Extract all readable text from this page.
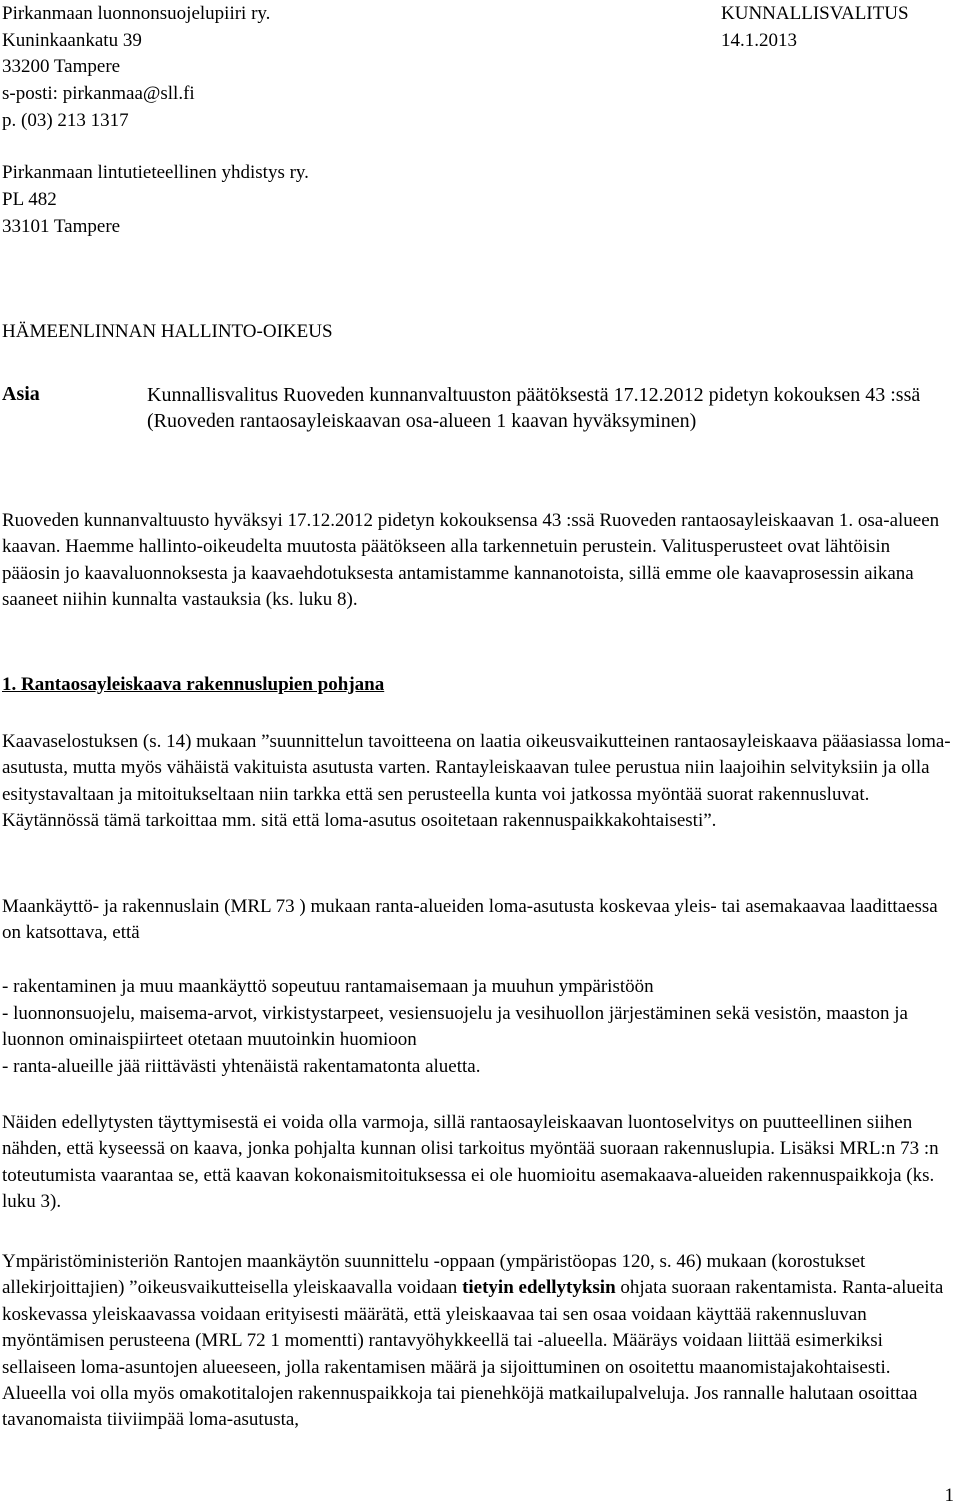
Pirkanmaan luonnonsuojelupiiri ry.
Kuninkaankatu 39
33200 Tampere
s-posti: pirkanmaa@sll.fi
p. (03) 213 1317
KUNNALLISVALITUS
14.1.2013
Pirkanmaan lintutieteellinen yhdistys ry.
PL 482
33101 Tampere
HÄMEENLINNAN HALLINTO-OIKEUS
Asia	Kunnallisvalitus Ruoveden kunnanvaltuuston päätöksestä 17.12.2012 pidetyn kokouksen 43 :ssä (Ruoveden rantaosayleiskaavan osa-alueen 1 kaavan hyväksyminen)

Ruoveden kunnanvaltuusto hyväksyi 17.12.2012 pidetyn kokouksensa 43 :ssä Ruoveden rantaosayleiskaavan 1. osa-alueen kaavan. Haemme hallinto-oikeudelta muutosta päätökseen alla tarkennetuin perustein. Valitusperusteet ovat lähtöisin pääosin jo kaavaluonnoksesta ja kaavaehdotuksesta antamistamme kannanotoista, sillä emme ole kaavaprosessin aikana saaneet niihin kunnalta vastauksia (ks. luku 8).

1. Rantaosayleiskaava rakennuslupien pohjana

Kaavaselostuksen (s. 14) mukaan ”suunnittelun tavoitteena on laatia oikeusvaikutteinen rantaosayleiskaava pääasiassa loma-asutusta, mutta myös vähäistä vakituista asutusta varten. Rantayleiskaavan tulee perustua niin laajoihin selvityksiin ja olla esitystavaltaan ja mitoitukseltaan niin tarkka että sen perusteella kunta voi jatkossa myöntää suorat rakennusluvat. Käytännössä tämä tarkoittaa mm. sitä että loma-asutus osoitetaan rakennuspaikkakohtaisesti”.

Maankäyttö- ja rakennuslain (MRL 73 ) mukaan ranta-alueiden loma-asutusta koskevaa yleis- tai asemakaavaa laadittaessa on katsottava, että

- rakentaminen ja muu maankäyttö sopeutuu rantamaisemaan ja muuhun ympäristöön

- luonnonsuojelu, maisema-arvot, virkistystarpeet, vesiensuojelu ja vesihuollon järjestäminen sekä vesistön, maaston ja luonnon ominaispiirteet otetaan muutoinkin huomioon

- ranta-alueille jää riittävästi yhtenäistä rakentamatonta aluetta.

Näiden edellytysten täyttymisestä ei voida olla varmoja, sillä rantaosayleiskaavan luontoselvitys on puutteellinen siihen nähden, että kyseessä on kaava, jonka pohjalta kunnan olisi tarkoitus myöntää suoraan rakennuslupia. Lisäksi MRL:n 73 :n toteutumista vaarantaa se, että kaavan kokonaismitoituksessa ei ole huomioitu asemakaava-alueiden rakennuspaikkoja (ks. luku 3).

Ympäristöministeriön Rantojen maankäytön suunnittelu -oppaan (ympäristöopas 120, s. 46) mukaan (korostukset allekirjoittajien) ”oikeusvaikutteisella yleiskaavalla voidaan tietyin edellytyksin ohjata suoraan rakentamista. Ranta-alueita koskevassa yleiskaavassa voidaan erityisesti määrätä, että yleiskaavaa tai sen osaa voidaan käyttää rakennusluvan myöntämisen perusteena (MRL 72 1 momentti) rantavyöhykkeellä tai -alueella. Määräys voidaan liittää esimerkiksi sellaiseen loma-asuntojen alueeseen, jolla rakentamisen määrä ja sijoittuminen on osoitettu maanomistajakohtaisesti. Alueella voi olla myös omakotitalojen rakennuspaikkoja tai pienehköjä matkailupalveluja. Jos rannalle halutaan osoittaa tavanomaista tiiviimpää loma-asutusta,

1
